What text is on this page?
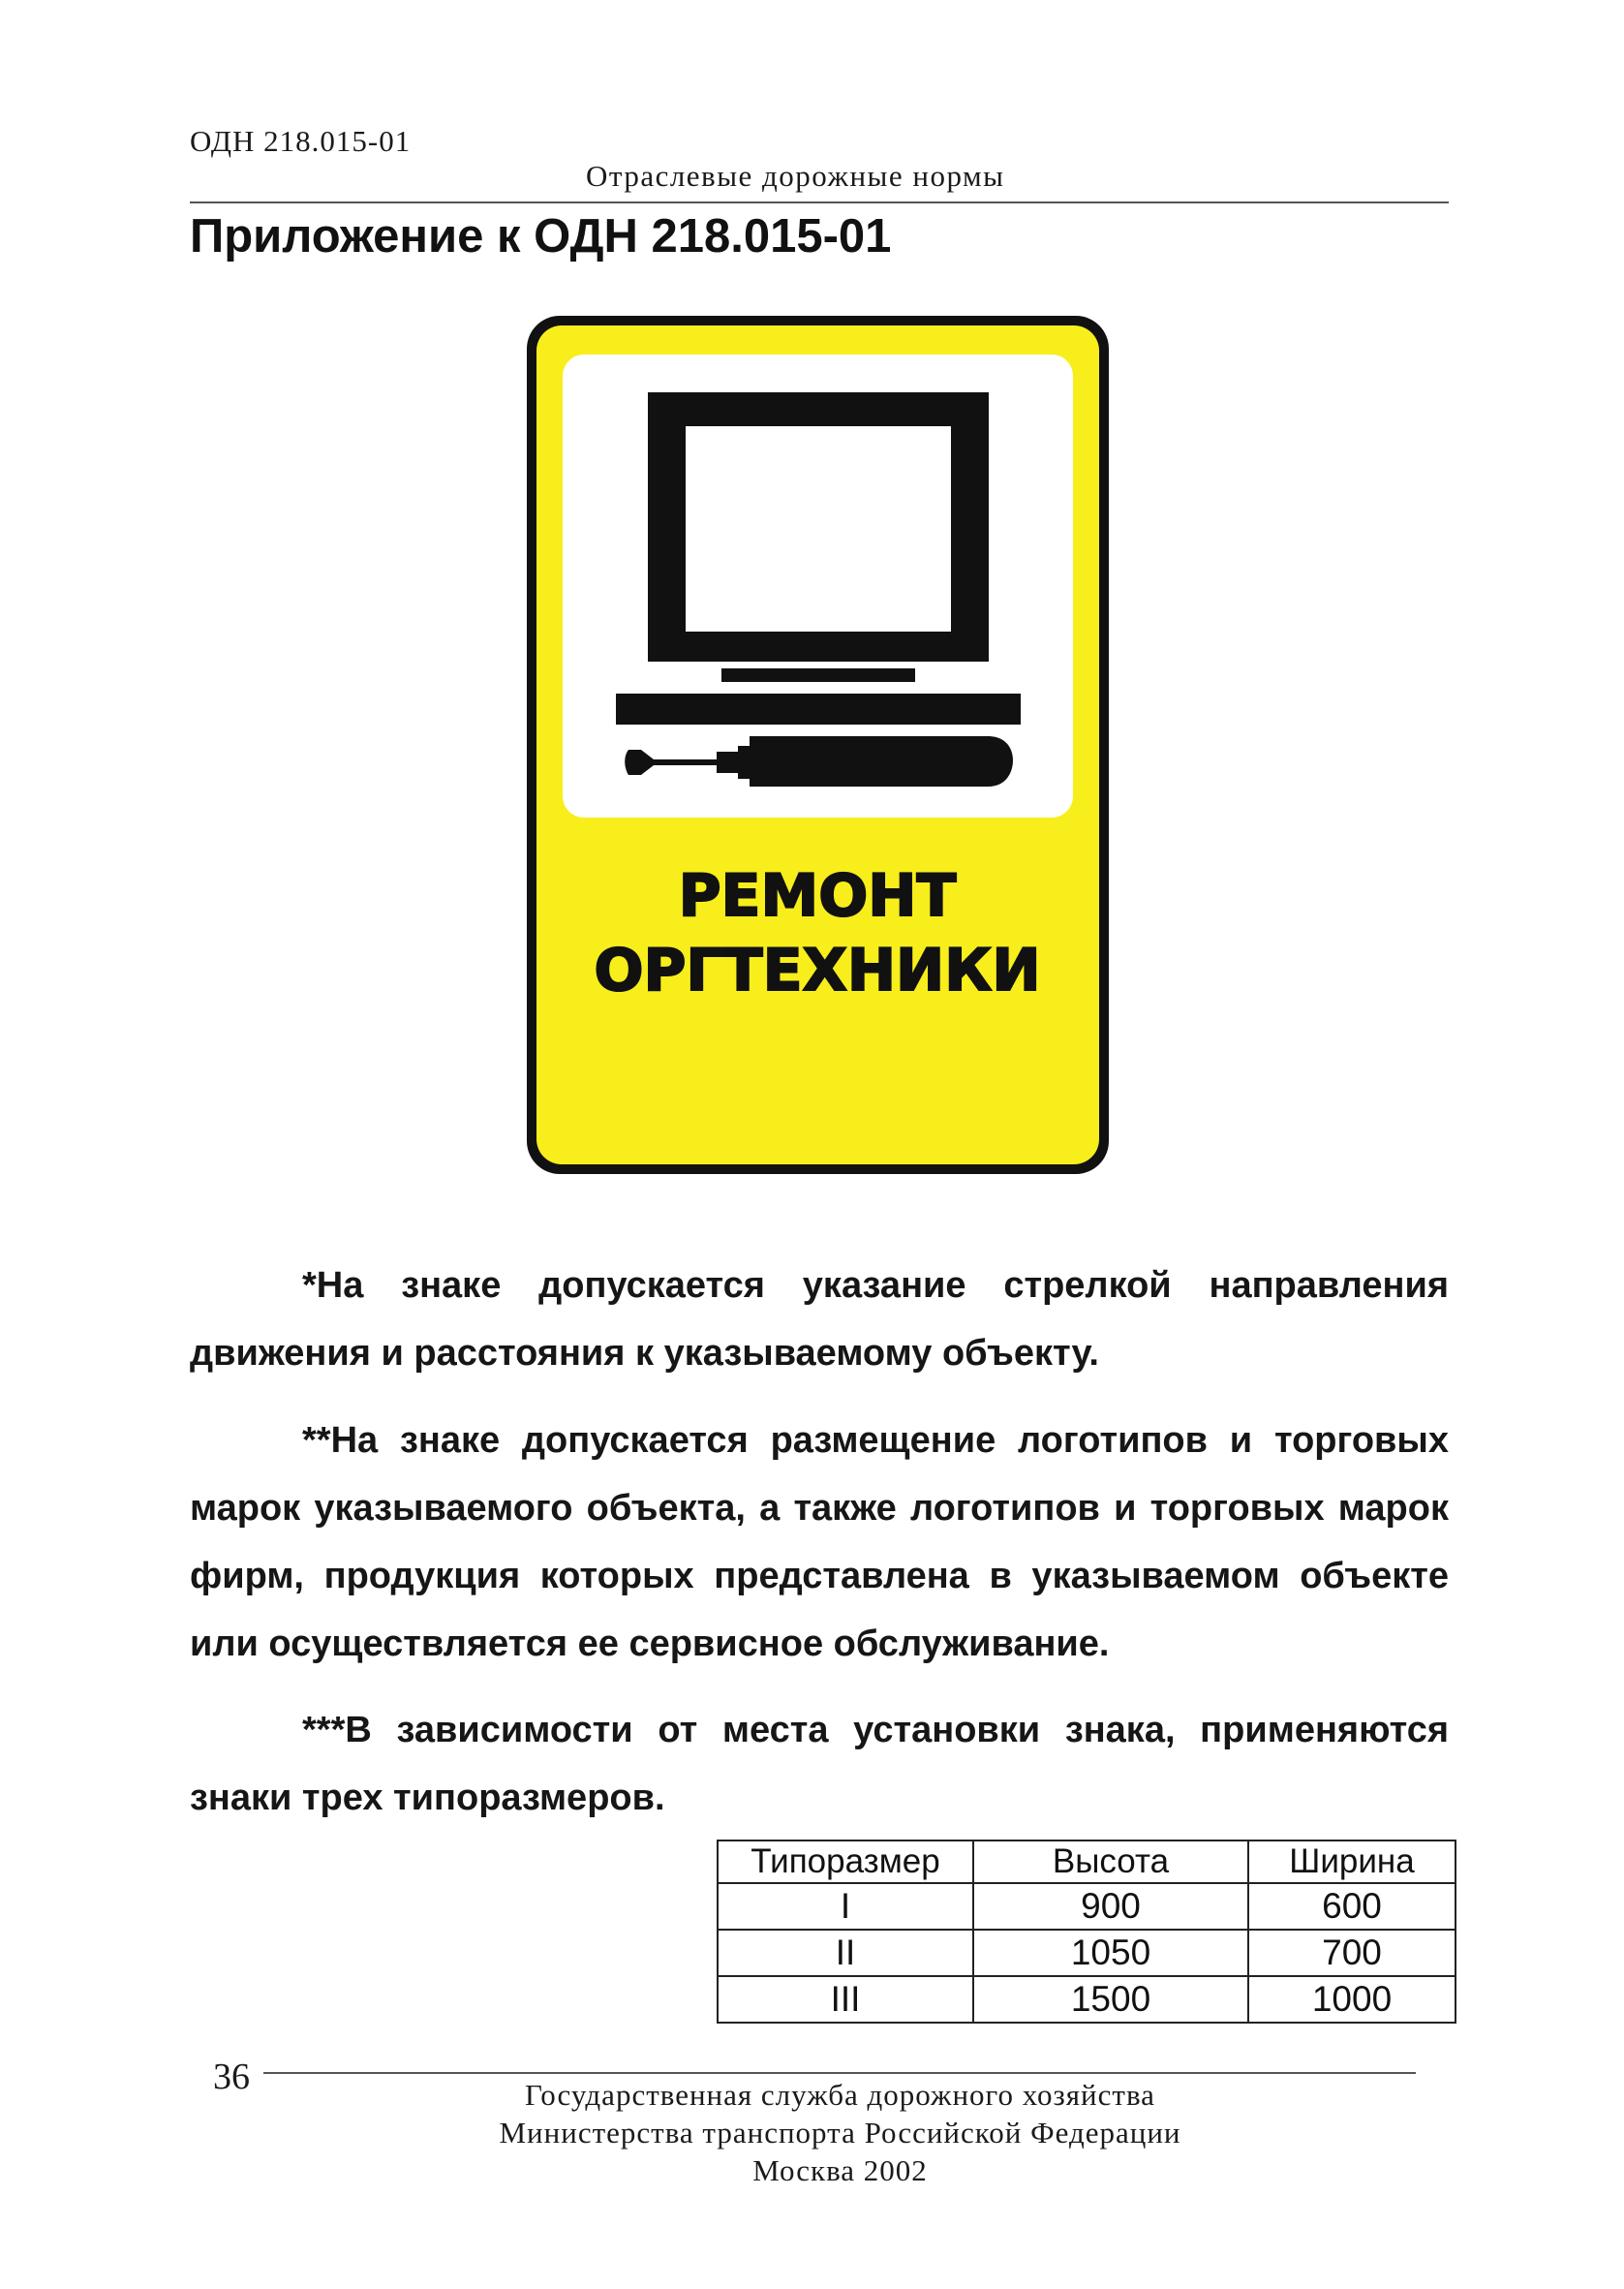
ОДН 218.015-01
Отраслевые дорожные нормы
Приложение к ОДН 218.015-01
РЕМОНТ
ОРГТЕХНИКИ
*На знаке допускается указание стрелкой направления движения и расстояния к указываемому объекту.
**На знаке допускается размещение логотипов и торговых марок указываемого объекта, а также логотипов и торговых марок фирм, продукция которых представлена в указываемом объекте или осуществляется ее сервисное обслуживание.
***В зависимости от места установки знака, применяются знаки трех типоразмеров.
Типоразмер	Высота	Ширина
I	900	600
II	1050	700
III	1500	1000
36	Государственная служба дорожного хозяйства
Министерства транспорта Российской Федерации
Москва 2002
